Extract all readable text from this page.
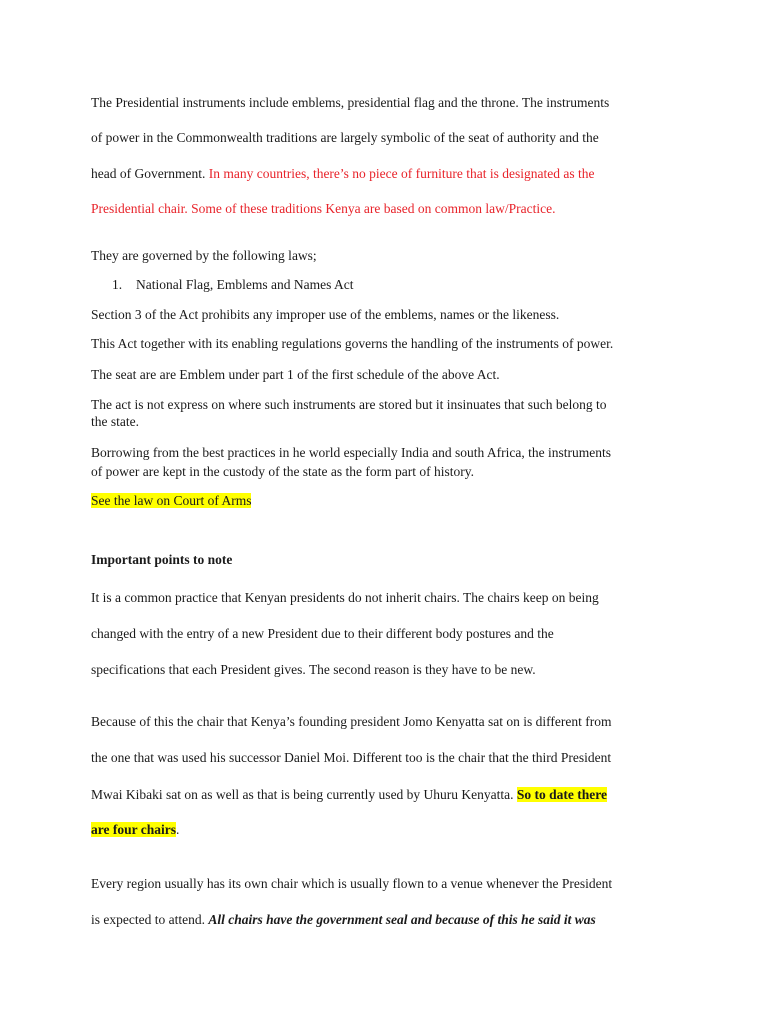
The Presidential instruments include emblems, presidential flag and the throne. The instruments
of power in the Commonwealth traditions are largely symbolic of the seat of authority and the
head of Government. In many countries, there’s no piece of furniture that is designated as the
Presidential chair. Some of these traditions Kenya are based on common law/Practice.
They are governed by the following laws;
1. National Flag, Emblems and Names Act
Section 3 of the Act prohibits any improper use of the emblems, names or the likeness.
This Act together with its enabling regulations governs the handling of the instruments of power.
The seat are are Emblem under part 1 of the first schedule of the above Act.
The act is not express on where such instruments are stored but it insinuates that such belong to
the state.
Borrowing from the best practices in he world especially India and south Africa, the instruments
of power are kept in the custody of the state as the form part of history.
See the law on Court of Arms
Important points to note
It is a common practice that Kenyan presidents do not inherit chairs. The chairs keep on being
changed with the entry of a new President due to their different body postures and the
specifications that each President gives. The second reason is they have to be new.
Because of this the chair that Kenya’s founding president Jomo Kenyatta sat on is different from
the one that was used his successor Daniel Moi. Different too is the chair that the third President
Mwai Kibaki sat on as well as that is being currently used by Uhuru Kenyatta. So to date there
are four chairs.
Every region usually has its own chair which is usually flown to a venue whenever the President
is expected to attend. All chairs have the government seal and because of this he said it was
